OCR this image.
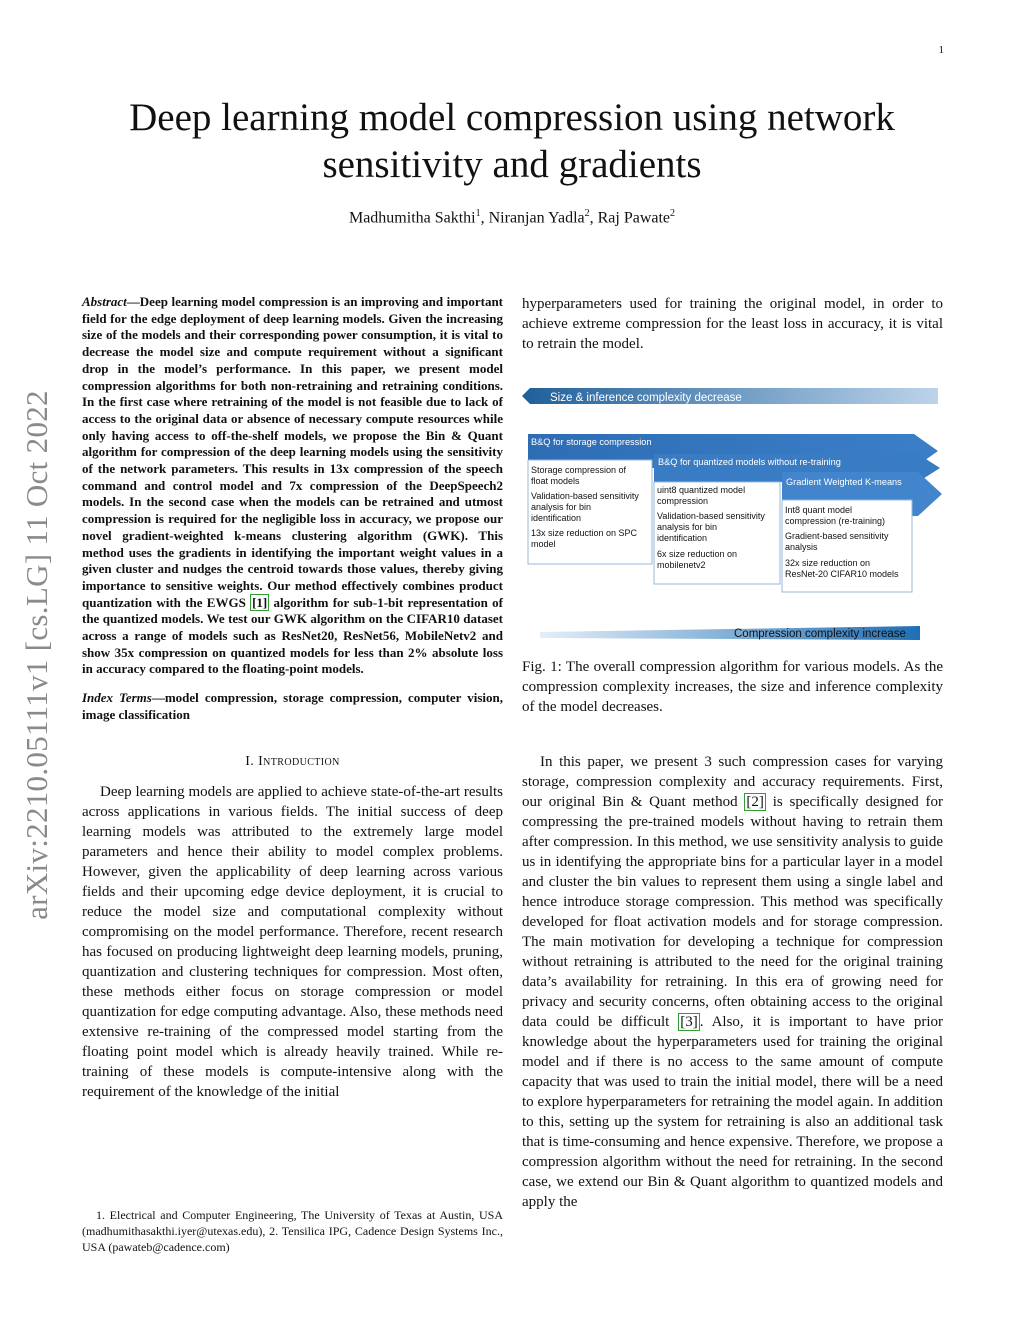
1
arXiv:2210.05111v1 [cs.LG] 11 Oct 2022
Deep learning model compression using network
sensitivity and gradients
Madhumitha Sakthi$^1$, Niranjan Yadla$^2$, Raj Pawate$^2$

Abstract—Deep learning model compression is an improving and important field for the edge deployment of deep learning models. Given the increasing size of the models and their corresponding power consumption, it is vital to decrease the model size and compute requirement without a significant drop in the model’s performance. In this paper, we present model compression algorithms for both non-retraining and retraining conditions. In the first case where retraining of the model is not feasible due to lack of access to the original data or absence of necessary compute resources while only having access to off-the-shelf models, we propose the Bin & Quant algorithm for compression of the deep learning models using the sensitivity of the network parameters. This results in 13x compression of the speech command and control model and 7x compression of the DeepSpeech2 models. In the second case when the models can be retrained and utmost compression is required for the negligible loss in accuracy, we propose our novel gradient-weighted k-means clustering algorithm (GWK). This method uses the gradients in identifying the important weight values in a given cluster and nudges the centroid towards those values, thereby giving importance to sensitive weights. Our method effectively combines product quantization with the EWGS [1] algorithm for sub-1-bit representation of the quantized models. We test our GWK algorithm on the CIFAR10 dataset across a range of models such as ResNet20, ResNet56, MobileNetv2 and show 35x compression on quantized models for less than 2% absolute loss in accuracy compared to the floating-point models.

Index Terms—model compression, storage compression, computer vision, image classification

I. Introduction

Deep learning models are applied to achieve state-of-the-art results across applications in various fields. The initial success of deep learning models was attributed to the extremely large model parameters and hence their ability to model complex problems. However, given the applicability of deep learning across various fields and their upcoming edge device deployment, it is crucial to reduce the model size and computational complexity without compromising on the model performance. Therefore, recent research has focused on producing lightweight deep learning models, pruning, quantization and clustering techniques for compression. Most often, these methods either focus on storage compression or model quantization for edge computing advantage. Also, these methods need extensive re-training of the compressed model starting from the floating point model which is already heavily trained. While re-training of these models is compute-intensive along with the requirement of the knowledge of the initial

1. Electrical and Computer Engineering, The University of Texas at Austin, USA (madhumithasakthi.iyer@utexas.edu), 2. Tensilica IPG, Cadence Design Systems Inc., USA (pawateb@cadence.com)

hyperparameters used for training the original model, in order to achieve extreme compression for the least loss in accuracy, it is vital to retrain the model.

Size & inference complexity decrease
B&Q for storage compression
B&Q for quantized models without re-training
Gradient Weighted K-means
Storage compression of
float models
Validation-based sensitivity
analysis for bin
identification
13x size reduction on SPC
model
uint8 quantized model
compression
Validation-based sensitivity
analysis for bin
identification
6x size reduction on
mobilenetv2
Int8 quant model
compression (re-training)
Gradient-based sensitivity
analysis
32x size reduction on
ResNet-20 CIFAR10 models
Compression complexity increase
Fig. 1: The overall compression algorithm for various models. As the compression complexity increases, the size and inference complexity of the model decreases.

In this paper, we present 3 such compression cases for varying storage, compression complexity and accuracy requirements. First, our original Bin & Quant method [2] is specifically designed for compressing the pre-trained models without having to retrain them after compression. In this method, we use sensitivity analysis to guide us in identifying the appropriate bins for a particular layer in a model and cluster the bin values to represent them using a single label and hence introduce storage compression. This method was specifically developed for float activation models and for storage compression. The main motivation for developing a technique for compression without retraining is attributed to the need for the original training data’s availability for retraining. In this era of growing need for privacy and security concerns, often obtaining access to the original data could be difficult [3] . Also, it is important to have prior knowledge about the hyperparameters used for training the original model and if there is no access to the same amount of compute capacity that was used to train the initial model, there will be a need to explore hyperparameters for retraining the model again. In addition to this, setting up the system for retraining is also an additional task that is time-consuming and hence expensive. Therefore, we propose a compression algorithm without the need for retraining. In the second case, we extend our Bin & Quant algorithm to quantized models and apply the
